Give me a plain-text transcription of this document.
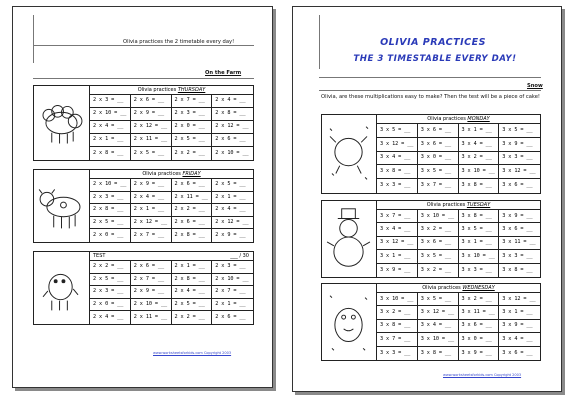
Olivia practices the 2 timetable every day!
On the Farm
Olivia practices THURSDAY
2 x 3 = __	2 x 6 = __	2 x 7 = __	2 x 4 = __
2 x 10 = __	2 x 9 = __	2 x 3 = __	2 x 8 = __
2 x 4 = __	2 x 12 = __	2 x 0 = __	2 x 12 = __
2 x 1 = __	2 x 11 = __	2 x 5 = __	2 x 6 = __
2 x 8 = __	2 x 5 = __	2 x 2 = __	2 x 10 = __
Olivia practices FRIDAY
2 x 10 = __	2 x 9 = __	2 x 6 = __	2 x 5 = __
2 x 3 = __	2 x 4 = __	2 x 11 = __	2 x 1 = __
2 x 8 = __	2 x 1 = __	2 x 2 = __	2 x 4 = __
2 x 5 = __	2 x 12 = __	2 x 6 = __	2 x 12 = __
2 x 0 = __	2 x 7 = __	2 x 8 = __	2 x 9 = __
TEST	___ / 30
2 x 2 = __	2 x 6 = __	2 x 1 = __	2 x 3 = __
2 x 5 = __	2 x 7 = __	2 x 8 = __	2 x 10 = __
2 x 3 = __	2 x 9 = __	2 x 4 = __	2 x 7 = __
2 x 0 = __	2 x 10 = __	2 x 5 = __	2 x 1 = __
2 x 4 = __	2 x 11 = __	2 x 2 = __	2 x 6 = __
www.worksheetsforkids.com Copyright 2003
OLIVIA PRACTICES
THE 3 TIMESTABLE EVERY DAY!
Snow
Olivia, are these multiplications easy to make? Then the test will be a piece of cake!
Olivia practices MONDAY
3 x 5 = __	3 x 6 = __	3 x 1 = __	3 x 5 = __
3 x 12 = __	3 x 6 = __	3 x 4 = __	3 x 9 = __
3 x 4 = __	3 x 0 = __	3 x 2 = __	3 x 3 = __
3 x 8 = __	3 x 5 = __	3 x 10 = __	3 x 12 = __
3 x 3 = __	3 x 7 = __	3 x 8 = __	3 x 6 = __
Olivia practices TUESDAY
3 x 7 = __	3 x 10 = __	3 x 8 = __	3 x 9 = __
3 x 4 = __	3 x 2 = __	3 x 5 = __	3 x 6 = __
3 x 12 = __	3 x 6 = __	3 x 1 = __	3 x 11 = __
3 x 1 = __	3 x 5 = __	3 x 10 = __	3 x 3 = __
3 x 9 = __	3 x 2 = __	3 x 3 = __	3 x 8 = __
Olivia practices WEDNESDAY
3 x 10 = __	3 x 5 = __	3 x 2 = __	3 x 12 = __
3 x 2 = __	3 x 12 = __	3 x 11 = __	3 x 1 = __
3 x 8 = __	3 x 4 = __	3 x 6 = __	3 x 9 = __
3 x 7 = __	3 x 10 = __	3 x 0 = __	3 x 4 = __
3 x 3 = __	3 x 8 = __	3 x 9 = __	3 x 6 = __
www.worksheetsforkids.com Copyright 2003
